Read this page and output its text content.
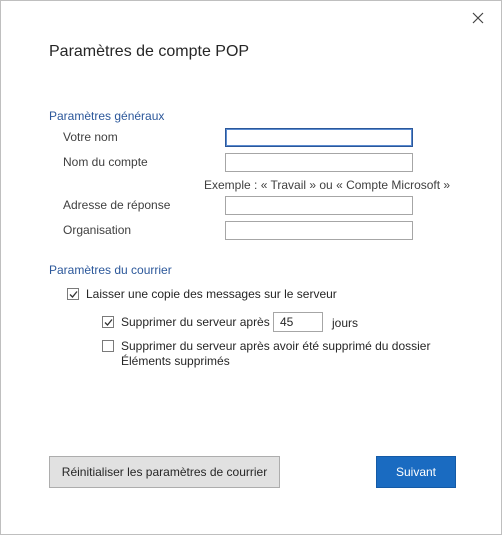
Paramètres de compte POP
Paramètres généraux
Votre nom
Nom du compte
Exemple : « Travail » ou « Compte Microsoft »
Adresse de réponse
Organisation
Paramètres du courrier
Laisser une copie des messages sur le serveur
Supprimer du serveur après 45	jours
Supprimer du serveur après avoir été supprimé du dossier
Éléments supprimés
Réinitialiser les paramètres de courrier	Suivant
